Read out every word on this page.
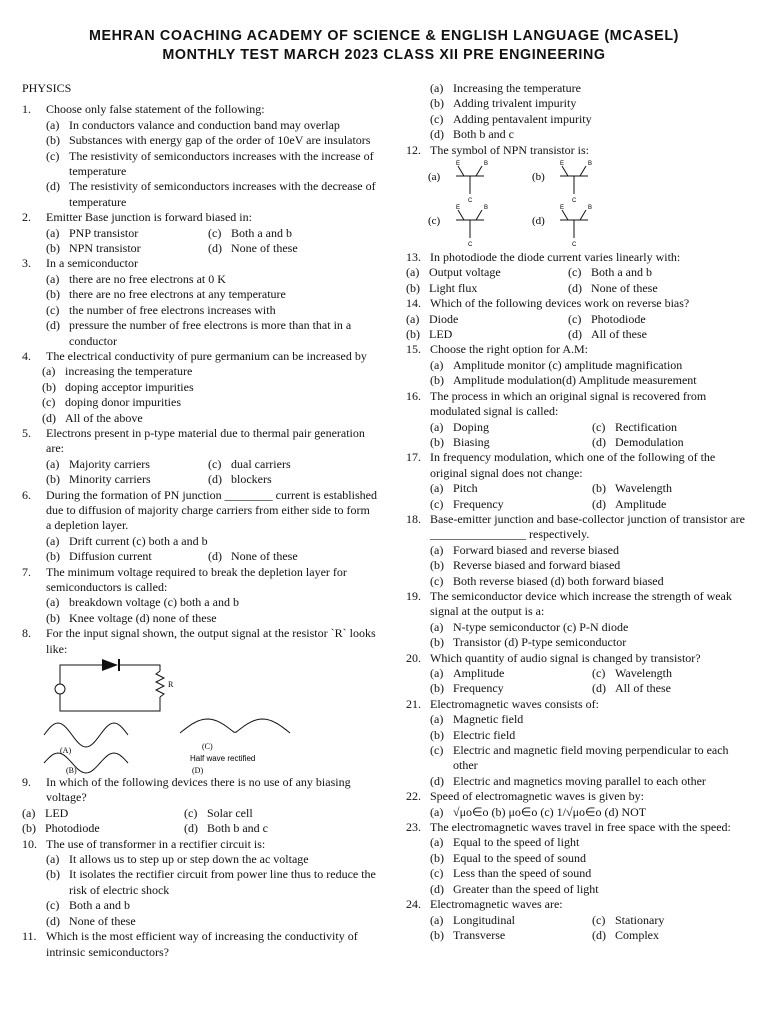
MEHRAN COACHING ACADEMY OF SCIENCE & ENGLISH LANGUAGE (MCASEL)
MONTHLY TEST MARCH 2023 CLASS XII PRE ENGINEERING
PHYSICS
1.	Choose only false statement of the following:
(a) In conductors valance and conduction band may overlap
(b) Substances with energy gap of the order of 10eV are insulators
(c) The resistivity of semiconductors increases with the increase of temperature
(d) The resistivity of semiconductors increases with the decrease of temperature
2.	Emitter Base junction is forward biased in:
(a) PNP transistor	(c) Both a and b
(b) NPN transistor	(d) None of these
3.	In a semiconductor
(a) there are no free electrons at 0 K
(b) there are no free electrons at any temperature
(c) the number of free electrons increases with
(d) pressure the number of free electrons is more than that in a conductor
4.	The electrical conductivity of pure germanium can be increased by
(a) increasing the temperature
(b) doping acceptor impurities
(c) doping donor impurities
(d) All of the above
5.	Electrons present in p-type material due to thermal pair generation are:
(a) Majority carriers	(c) dual carriers
(b) Minority carriers	(d) blockers
6.	During the formation of PN junction ________ current is established due to diffusion of majority charge carriers from either side to form a depletion layer.
(a) Drift current (c) both a and b
(b) Diffusion current	(d) None of these
7.	The minimum voltage required to break the depletion layer for semiconductors is called:
(a) breakdown voltage (c) both a and b
(b) Knee voltage (d) none of these
8.	For the input signal shown, the output signal at the resistor `R` looks like:
R
(A)
(B)
(C)
(D)
Half wave rectified
9.	In which of the following devices there is no use of any biasing voltage?
(a) LED	(c) Solar cell
(b) Photodiode	(d) Both b and c
10. The use of transformer in a rectifier circuit is:
(a) It allows us to step up or step down the ac voltage
(b) It isolates the rectifier circuit from power line thus to reduce the risk of electric shock
(c) Both a and b
(d) None of these
11. Which is the most efficient way of increasing the conductivity of intrinsic semiconductors?
(a) Increasing the temperature
(b) Adding trivalent impurity
(c) Adding pentavalent impurity
(d) Both b and c
12. The symbol of NPN transistor is:
(a)
E	B
C
(b)
E	B
C
(c)
E	B
C
(d)
E	B
C
13. In photodiode the diode current varies linearly with:
(a) Output voltage	(c) Both a and b
(b) Light flux	(d) None of these
14. Which of the following devices work on reverse bias?
(a) Diode	(c) Photodiode
(b) LED	(d) All of these
15. Choose the right option for A.M:
(a) Amplitude monitor (c) amplitude magnification
(b) Amplitude modulation(d) Amplitude measurement
16. The process in which an original signal is recovered from modulated signal is called:
(a) Doping	(c) Rectification
(b) Biasing	(d) Demodulation
17. In frequency modulation, which one of the following of the original signal does not change:
(a) Pitch	(b) Wavelength
(c) Frequency	(d) Amplitude
18. Base-emitter junction and base-collector junction of transistor are ________________ respectively.
(a) Forward biased and reverse biased
(b) Reverse biased and forward biased
(c) Both reverse biased (d) both forward biased
19. The semiconductor device which increase the strength of weak signal at the output is a:
(a) N-type semiconductor (c) P-N diode
(b) Transistor (d) P-type semiconductor
20. Which quantity of audio signal is changed by transistor?
(a) Amplitude	(c) Wavelength
(b) Frequency	(d) All of these
21. Electromagnetic waves consists of:
(a) Magnetic field
(b) Electric field
(c) Electric and magnetic field moving perpendicular to each other
(d) Electric and magnetics moving parallel to each other
22. Speed of electromagnetic waves is given by:
(a) √μo∈o (b) μo∈o (c) 1/√μo∈o (d) NOT
23. The electromagnetic waves travel in free space with the speed:
(a) Equal to the speed of light
(b) Equal to the speed of sound
(c) Less than the speed of sound
(d) Greater than the speed of light
24. Electromagnetic waves are:
(a) Longitudinal	(c) Stationary
(b) Transverse	(d) Complex
